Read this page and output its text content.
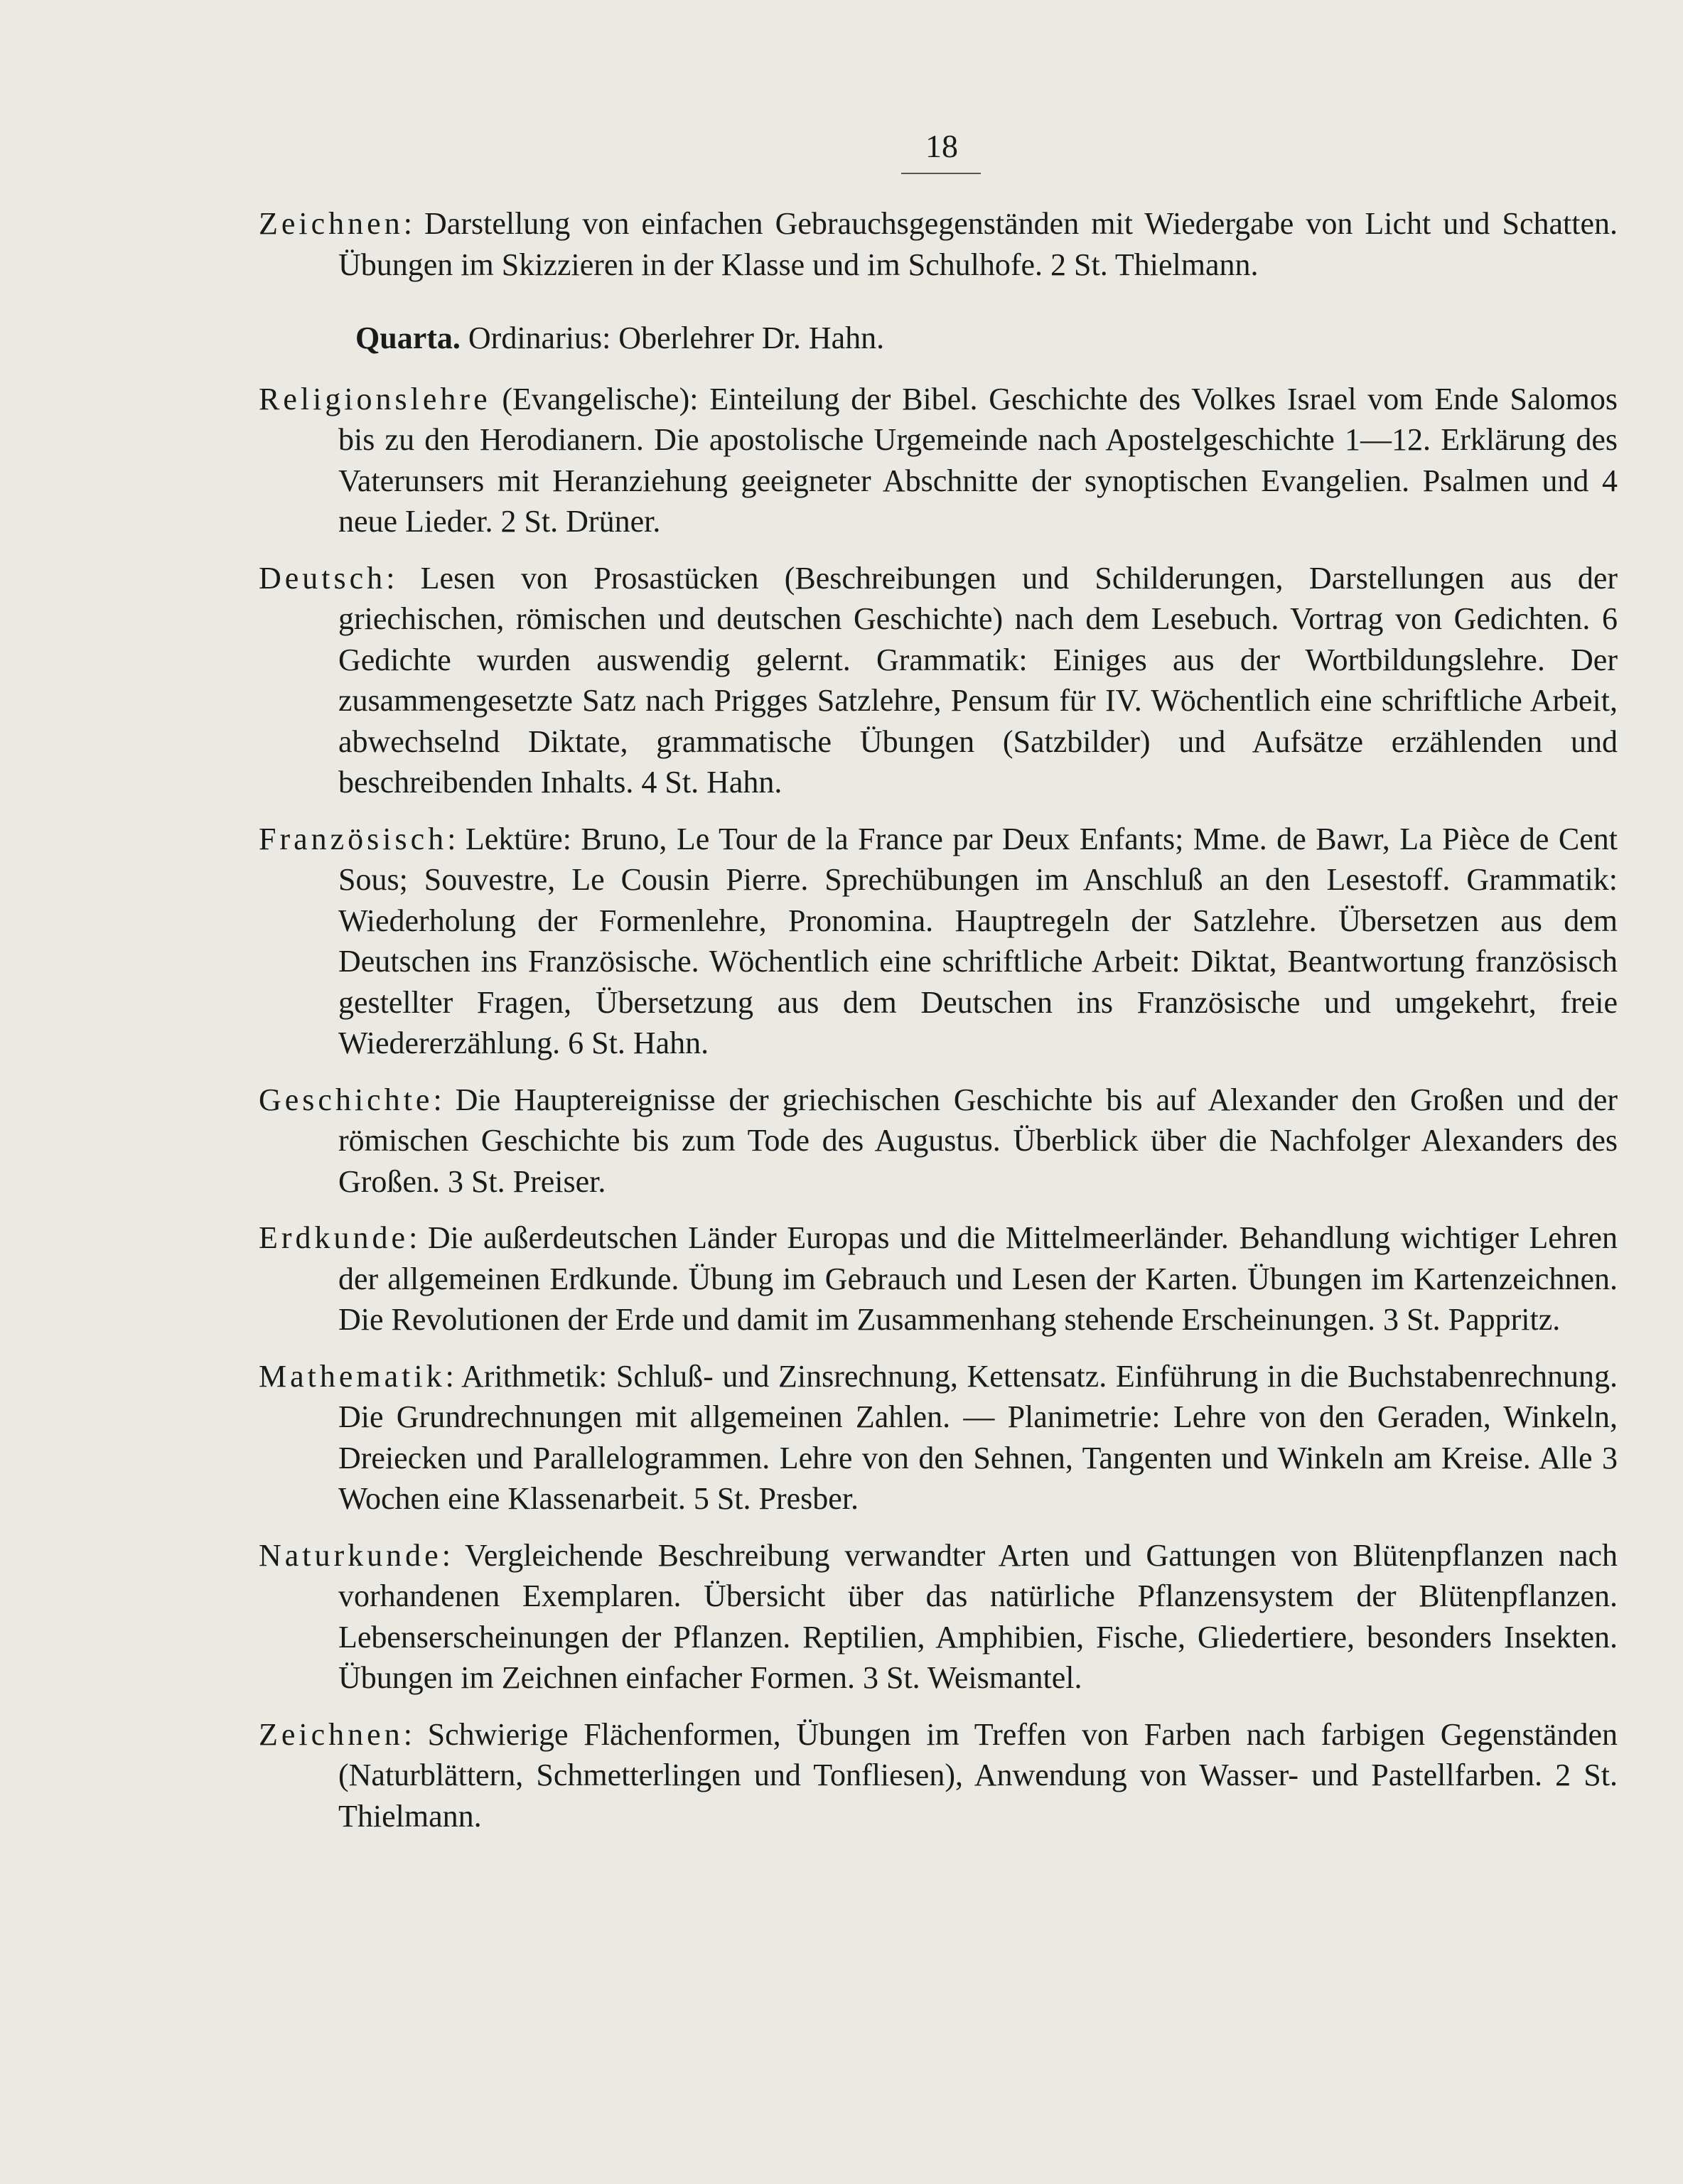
18

Zeichnen: Darstellung von einfachen Gebrauchsgegenständen mit Wiedergabe von Licht und Schatten. Übungen im Skizzieren in der Klasse und im Schulhofe. 2 St. Thielmann.

Quarta. Ordinarius: Oberlehrer Dr. Hahn.

Religionslehre (Evangelische): Einteilung der Bibel. Geschichte des Volkes Israel vom Ende Salomos bis zu den Herodianern. Die apostolische Urgemeinde nach Apostelgeschichte 1—12. Erklärung des Vaterunsers mit Heranziehung geeigneter Abschnitte der synoptischen Evangelien. Psalmen und 4 neue Lieder. 2 St. Drüner.

Deutsch: Lesen von Prosastücken (Beschreibungen und Schilderungen, Darstellungen aus der griechischen, römischen und deutschen Geschichte) nach dem Lesebuch. Vortrag von Gedichten. 6 Gedichte wurden auswendig gelernt. Grammatik: Einiges aus der Wortbildungslehre. Der zusammengesetzte Satz nach Prigges Satzlehre, Pensum für IV. Wöchentlich eine schriftliche Arbeit, abwechselnd Diktate, grammatische Übungen (Satzbilder) und Aufsätze erzählenden und beschreibenden Inhalts. 4 St. Hahn.

Französisch: Lektüre: Bruno, Le Tour de la France par Deux Enfants; Mme. de Bawr, La Pièce de Cent Sous; Souvestre, Le Cousin Pierre. Sprechübungen im Anschluß an den Lesestoff. Grammatik: Wiederholung der Formenlehre, Pronomina. Hauptregeln der Satzlehre. Übersetzen aus dem Deutschen ins Französische. Wöchentlich eine schriftliche Arbeit: Diktat, Beantwortung französisch gestellter Fragen, Übersetzung aus dem Deutschen ins Französische und umgekehrt, freie Wiedererzählung. 6 St. Hahn.

Geschichte: Die Hauptereignisse der griechischen Geschichte bis auf Alexander den Großen und der römischen Geschichte bis zum Tode des Augustus. Überblick über die Nachfolger Alexanders des Großen. 3 St. Preiser.

Erdkunde: Die außerdeutschen Länder Europas und die Mittelmeerländer. Behandlung wichtiger Lehren der allgemeinen Erdkunde. Übung im Gebrauch und Lesen der Karten. Übungen im Kartenzeichnen. Die Revolutionen der Erde und damit im Zusammenhang stehende Erscheinungen. 3 St. Pappritz.

Mathematik: Arithmetik: Schluß- und Zinsrechnung, Kettensatz. Einführung in die Buchstabenrechnung. Die Grundrechnungen mit allgemeinen Zahlen. — Planimetrie: Lehre von den Geraden, Winkeln, Dreiecken und Parallelogrammen. Lehre von den Sehnen, Tangenten und Winkeln am Kreise. Alle 3 Wochen eine Klassenarbeit. 5 St. Presber.

Naturkunde: Vergleichende Beschreibung verwandter Arten und Gattungen von Blütenpflanzen nach vorhandenen Exemplaren. Übersicht über das natürliche Pflanzensystem der Blütenpflanzen. Lebenserscheinungen der Pflanzen. Reptilien, Amphibien, Fische, Gliedertiere, besonders Insekten. Übungen im Zeichnen einfacher Formen. 3 St. Weismantel.

Zeichnen: Schwierige Flächenformen, Übungen im Treffen von Farben nach farbigen Gegenständen (Naturblättern, Schmetterlingen und Tonfliesen), Anwendung von Wasser- und Pastellfarben. 2 St. Thielmann.
